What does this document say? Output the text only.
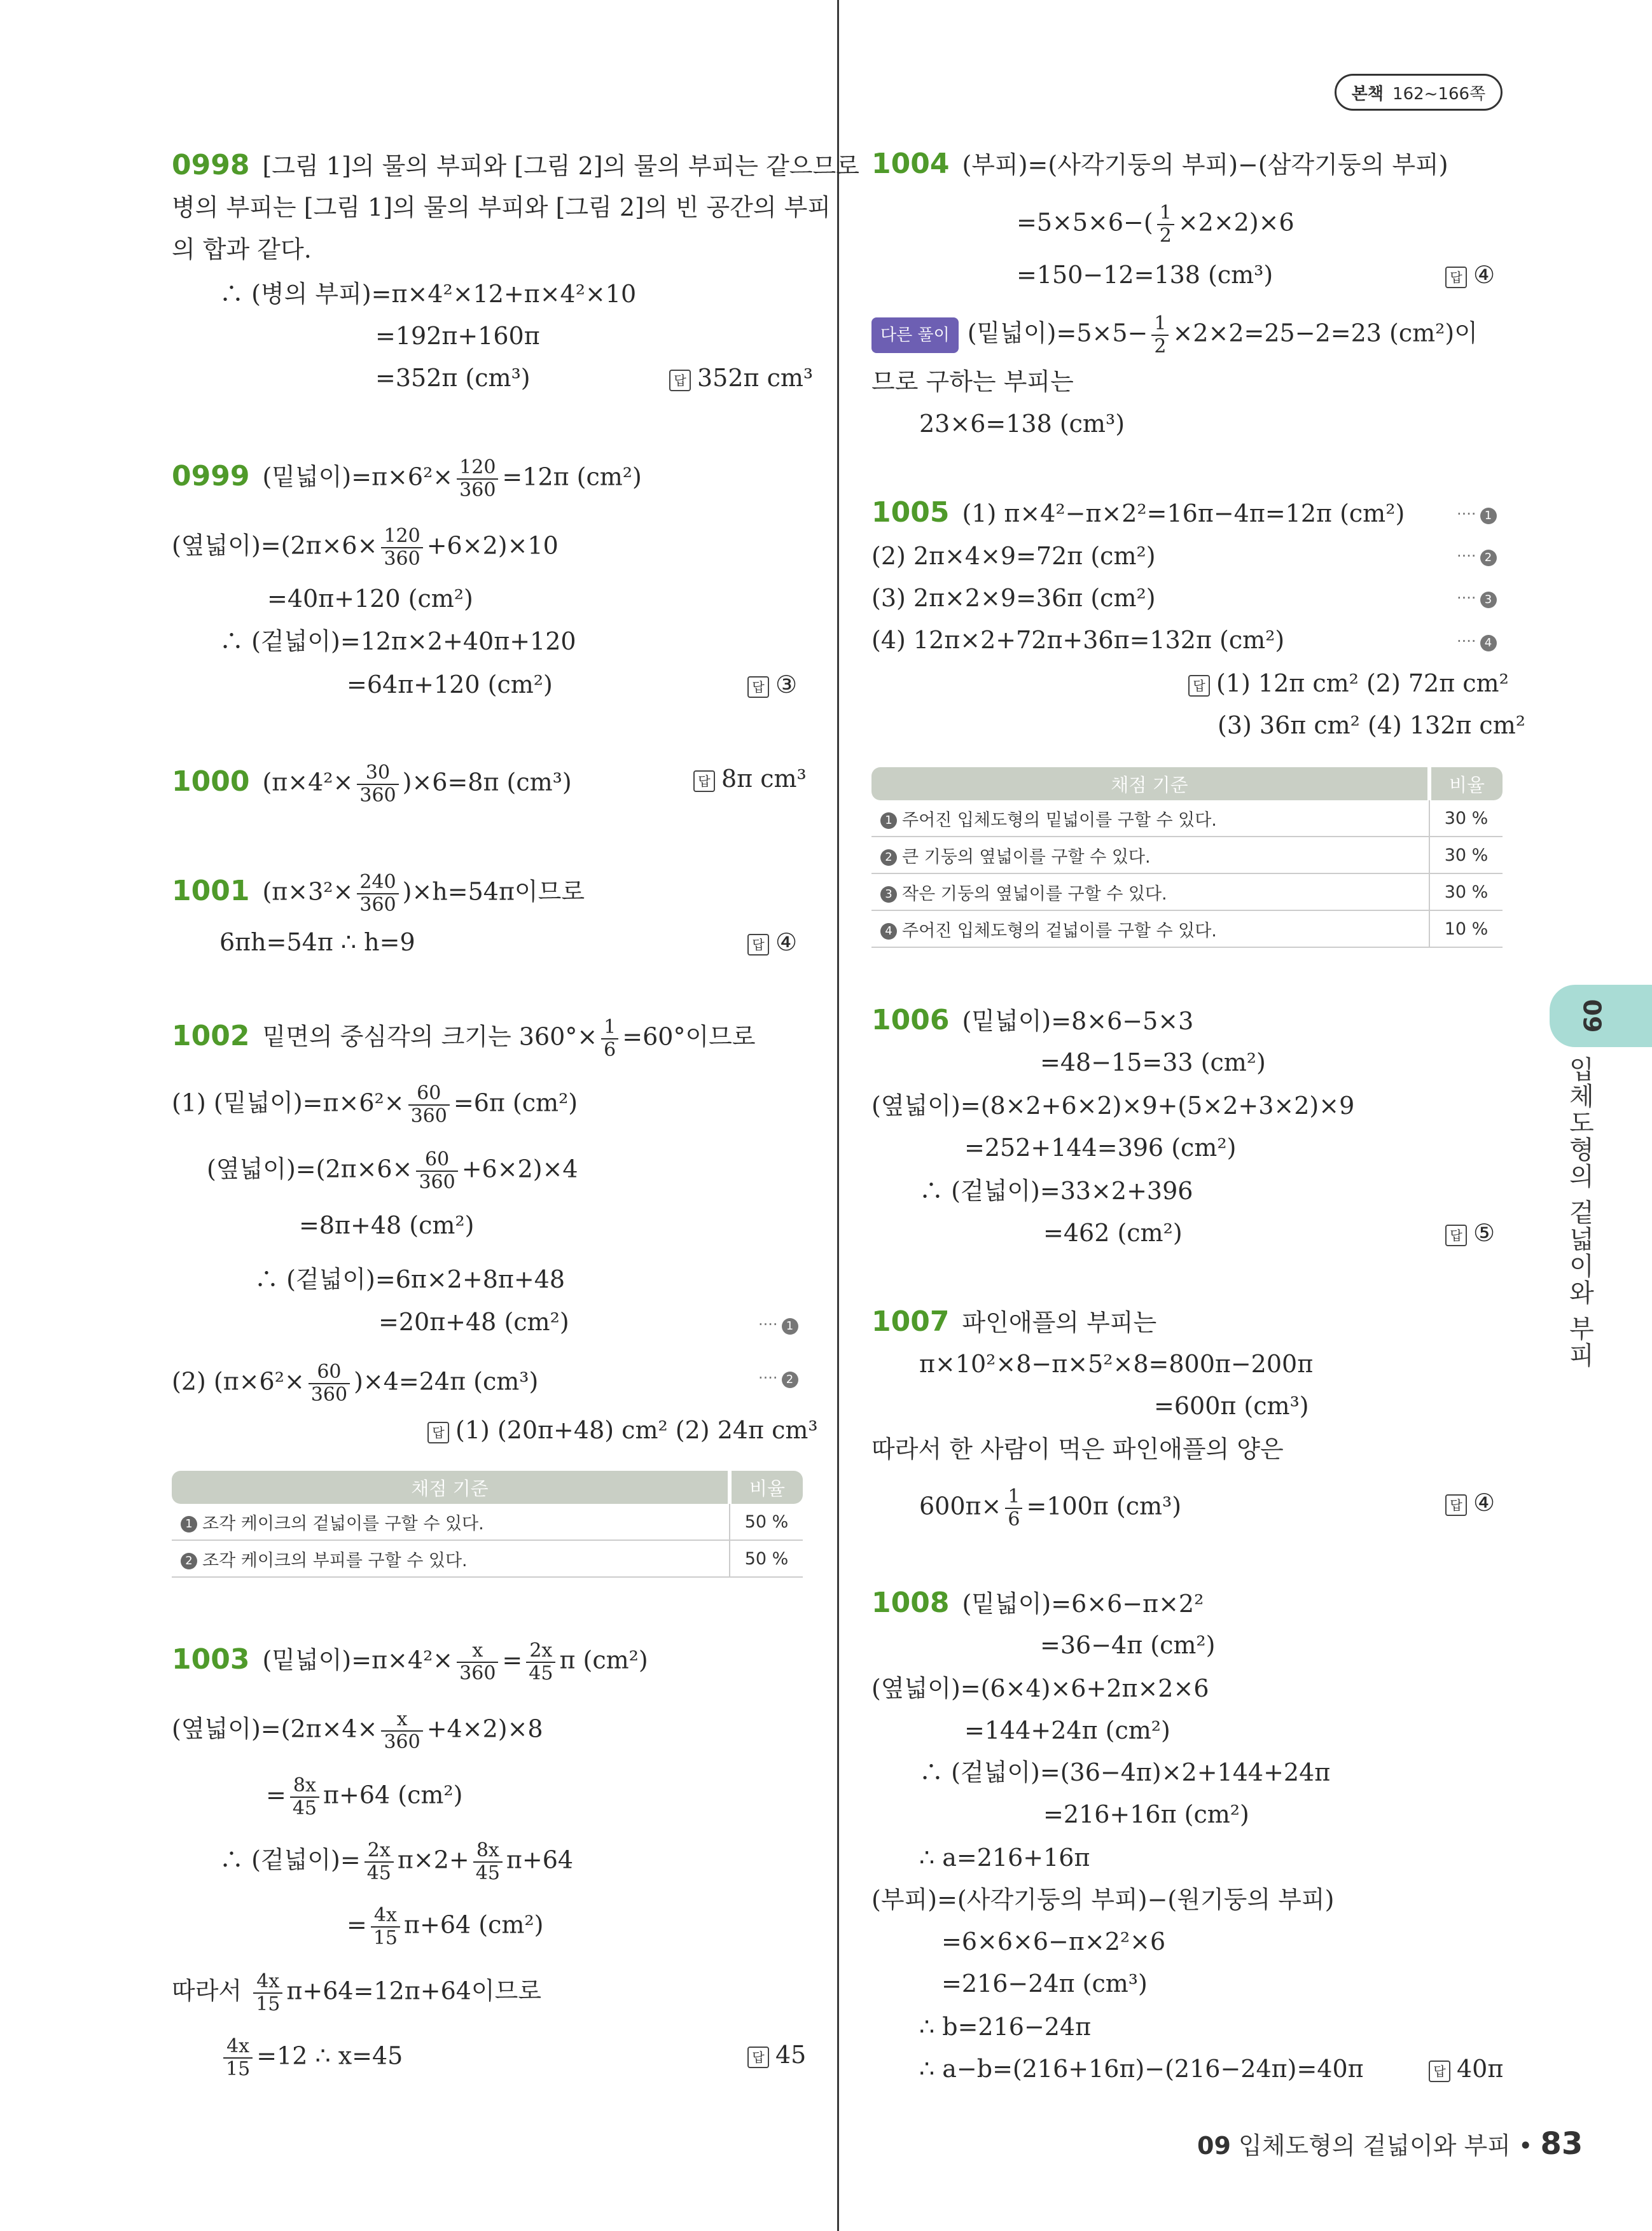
본책 162~166쪽
0998 [그림 1]의 물의 부피와 [그림 2]의 물의 부피는 같으므로
병의 부피는 [그림 1]의 물의 부피와 [그림 2]의 빈 공간의 부피
의 합과 같다.
∴ (병의 부피)=π×4²×12+π×4²×10
=192π+160π
=352π (cm³)	답 352π cm³
0999 (밑넓이)$=\pi\times 6^2\times \frac{120}{360} =12\pi$ (cm²)
(옆넓이)$=(2\pi\times 6\times \frac{120}{360} +6\times 2)\times 10$
=40π+120 (cm²)
∴ (겉넓이)=12π×2+40π+120
=64π+120 (cm²)	답 ③
1000 $(\pi\times 4^2\times \frac{30}{360} )\times 6=8\pi$ (cm³)	답 8π cm³
1001 $(\pi\times 3^2\times \frac{240}{360} )\times h=54\pi$이므로
6πh=54π ∴ h=9	답 ④
1002 밑면의 중심각의 크기는 $360^\circ\times \frac{1}{6} =60^\circ$이므로
(1) (밑넓이)$=\pi\times 6^2\times \frac{60}{360} =6\pi$ (cm²)
(옆넓이)$=(2\pi\times 6\times \frac{60}{360} +6\times 2)\times 4$
=8π+48 (cm²)
∴ (겉넓이)=6π×2+8π+48
=20π+48 (cm²)	···· 1
(2) $(\pi\times 6^2\times \frac{60}{360} )\times 4=24\pi$ (cm³)	···· 2
답 (1) (20π+48) cm² (2) 24π cm³
채점 기준	비율
1 조각 케이크의 겉넓이를 구할 수 있다.	50 %
2 조각 케이크의 부피를 구할 수 있다.	50 %
1003 (밑넓이)$=\pi\times 4^2\times \frac{x}{360} = \frac{2x}{45}$ π (cm²)
(옆넓이)$=(2\pi\times 4\times \frac{x}{360} +4\times 2)\times 8$
= $\frac{8x}{45} \pi+64$ (cm²)
∴ (겉넓이)= $\frac{2x}{45} \pi\times 2+ \frac{8x}{45} \pi+64$
= $\frac{4x}{15} \pi+64$ (cm²)
따라서 $\frac{4x}{15} \pi+64=12\pi+64$이므로
$\frac{4x}{15} =12$ ∴ x=45	답 45
1004 (부피)=(사각기둥의 부피)−(삼각기둥의 부피)
$=5\times 5\times 6-( \frac{1}{2} \times 2\times 2)\times 6$
=150−12=138 (cm³)	답 ④
다른 풀이 (밑넓이)$=5\times 5- \frac{1}{2} \times 2\times 2=25-2=23$ (cm²)이
므로 구하는 부피는
23×6=138 (cm³)
1005 (1) π×4²−π×2²=16π−4π=12π (cm²)	···· 1
(2) 2π×4×9=72π (cm²)	···· 2
(3) 2π×2×9=36π (cm²)	···· 3
(4) 12π×2+72π+36π=132π (cm²)	···· 4
답 (1) 12π cm² (2) 72π cm²
(3) 36π cm² (4) 132π cm²
채점 기준	비율
1 주어진 입체도형의 밑넓이를 구할 수 있다.	30 %
2 큰 기둥의 옆넓이를 구할 수 있다.	30 %
3 작은 기둥의 옆넓이를 구할 수 있다.	30 %
4 주어진 입체도형의 겉넓이를 구할 수 있다.	10 %
1006 (밑넓이)=8×6−5×3
=48−15=33 (cm²)
(옆넓이)=(8×2+6×2)×9+(5×2+3×2)×9
=252+144=396 (cm²)
∴ (겉넓이)=33×2+396
=462 (cm²)	답 ⑤
1007 파인애플의 부피는
π×10²×8−π×5²×8=800π−200π
=600π (cm³)
따라서 한 사람이 먹은 파인애플의 양은
$600\pi\times \frac{1}{6} =100\pi$ (cm³)	답 ④
1008 (밑넓이)=6×6−π×2²
=36−4π (cm²)
(옆넓이)=(6×4)×6+2π×2×6
=144+24π (cm²)
∴ (겉넓이)=(36−4π)×2+144+24π
=216+16π (cm²)
∴ a=216+16π
(부피)=(사각기둥의 부피)−(원기둥의 부피)
=6×6×6−π×2²×6
=216−24π (cm³)
∴ b=216−24π
∴ a−b=(216+16π)−(216−24π)=40π	답 40π
09
입체도형의 겉넓이와 부피
09 입체도형의 겉넓이와 부피 • 83
